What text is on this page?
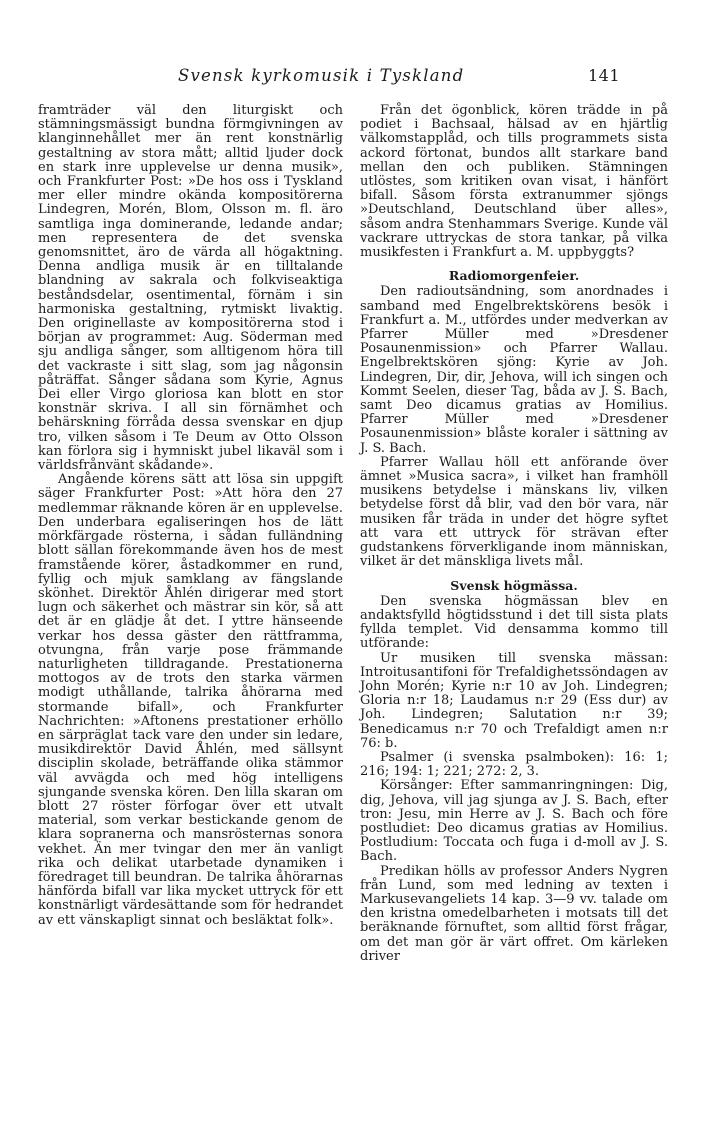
Svensk kyrkomusik i Tyskland	141

framträder väl den liturgiskt och stämningsmässigt bundna förmgivningen av klanginnehållet mer än rent konstnärlig gestaltning av stora mått; alltid ljuder dock en stark inre upplevelse ur denna musik», och Frankfurter Post: »De hos oss i Tyskland mer eller mindre okända kompositörerna Lindegren, Morén, Blom, Olsson m. fl. äro samtliga inga dominerande, ledande andar; men representera de det svenska genomsnittet, äro de värda all högaktning. Denna andliga musik är en tilltalande blandning av sakrala och folkviseaktiga beståndsdelar, osentimental, förnäm i sin harmoniska gestaltning, rytmiskt livaktig. Den originellaste av kompositörerna stod i början av programmet: Aug. Söderman med sju andliga sånger, som alltigenom höra till det vackraste i sitt slag, som jag någonsin påträffat. Sånger sådana som Kyrie, Agnus Dei eller Virgo gloriosa kan blott en stor konstnär skriva. I all sin förnämhet och behärskning förråda dessa svenskar en djup tro, vilken såsom i Te Deum av Otto Olsson kan förlora sig i hymniskt jubel likaväl som i världsfrånvänt skådande».

Angående körens sätt att lösa sin uppgift säger Frankfurter Post: »Att höra den 27 medlemmar räknande kören är en upplevelse. Den underbara egaliseringen hos de lätt mörkfärgade rösterna, i sådan fulländning blott sällan förekommande även hos de mest framstående körer, åstadkommer en rund, fyllig och mjuk samklang av fängslande skönhet. Direktör Åhlén dirigerar med stort lugn och säkerhet och mästrar sin kör, så att det är en glädje åt det. I yttre hänseende verkar hos dessa gäster den rättframma, otvungna, från varje pose främmande naturligheten tilldragande. Prestationerna mottogos av de trots den starka värmen modigt uthållande, talrika åhörarna med stormande bifall», och Frankfurter Nachrichten: »Aftonens prestationer erhöllo en särpräglat tack vare den under sin ledare, musikdirektör David Åhlén, med sällsynt disciplin skolade, beträffande olika stämmor väl avvägda och med hög intelligens sjungande svenska kören. Den lilla skaran om blott 27 röster förfogar över ett utvalt material, som verkar bestickande genom de klara sopranerna och mansrösternas sonora vekhet. Än mer tvingar den mer än vanligt rika och delikat utarbetade dynamiken i föredraget till beundran. De talrika åhörarnas hänförda bifall var lika mycket uttryck för ett konstnärligt värdesättande som för hedrandet av ett vänskapligt sinnat och besläktat folk».

Från det ögonblick, kören trädde in på podiet i Bachsaal, hälsad av en hjärtlig välkomstapplåd, och tills programmets sista ackord förtonat, bundos allt starkare band mellan den och publiken. Stämningen utlöstes, som kritiken ovan visat, i hänfört bifall. Såsom första extranummer sjöngs »Deutschland, Deutschland über alles», såsom andra Stenhammars Sverige. Kunde väl vackrare uttryckas de stora tankar, på vilka musikfesten i Frankfurt a. M. uppbyggts?

Radiomorgenfeier.

Den radioutsändning, som anordnades i samband med Engelbrektskörens besök i Frankfurt a. M., utfördes under medverkan av Pfarrer Müller med »Dresdener Posaunenmission» och Pfarrer Wallau. Engelbrektskören sjöng: Kyrie av Joh. Lindegren, Dir, dir, Jehova, will ich singen och Kommt Seelen, dieser Tag, båda av J. S. Bach, samt Deo dicamus gratias av Homilius. Pfarrer Müller med »Dresdener Posaunenmission» blåste koraler i sättning av J. S. Bach.

Pfarrer Wallau höll ett anförande över ämnet »Musica sacra», i vilket han framhöll musikens betydelse i mänskans liv, vilken betydelse först då blir, vad den bör vara, när musiken får träda in under det högre syftet att vara ett uttryck för strävan efter gudstankens förverkligande inom människan, vilket är det mänskliga livets mål.

Svensk högmässa.

Den svenska högmässan blev en andaktsfylld högtidsstund i det till sista plats fyllda templet. Vid densamma kommo till utförande:

Ur musiken till svenska mässan: Introitusantifoni för Trefaldighetssöndagen av John Morén; Kyrie n:r 10 av Joh. Lindegren; Gloria n:r 18; Laudamus n:r 29 (Ess dur) av Joh. Lindegren; Salutation n:r 39; Benedicamus n:r 70 och Trefaldigt amen n:r 76: b.

Psalmer (i svenska psalmboken): 16: 1; 216; 194: 1; 221; 272: 2, 3.

Körsånger: Efter sammanringningen: Dig, dig, Jehova, vill jag sjunga av J. S. Bach, efter tron: Jesu, min Herre av J. S. Bach och före postludiet: Deo dicamus gratias av Homilius. Postludium: Toccata och fuga i d-moll av J. S. Bach.

Predikan hölls av professor Anders Nygren från Lund, som med ledning av texten i Markusevangeliets 14 kap. 3—9 vv. talade om den kristna omedelbarheten i motsats till det beräknande förnuftet, som alltid först frågar, om det man gör är värt offret. Om kärleken driver
